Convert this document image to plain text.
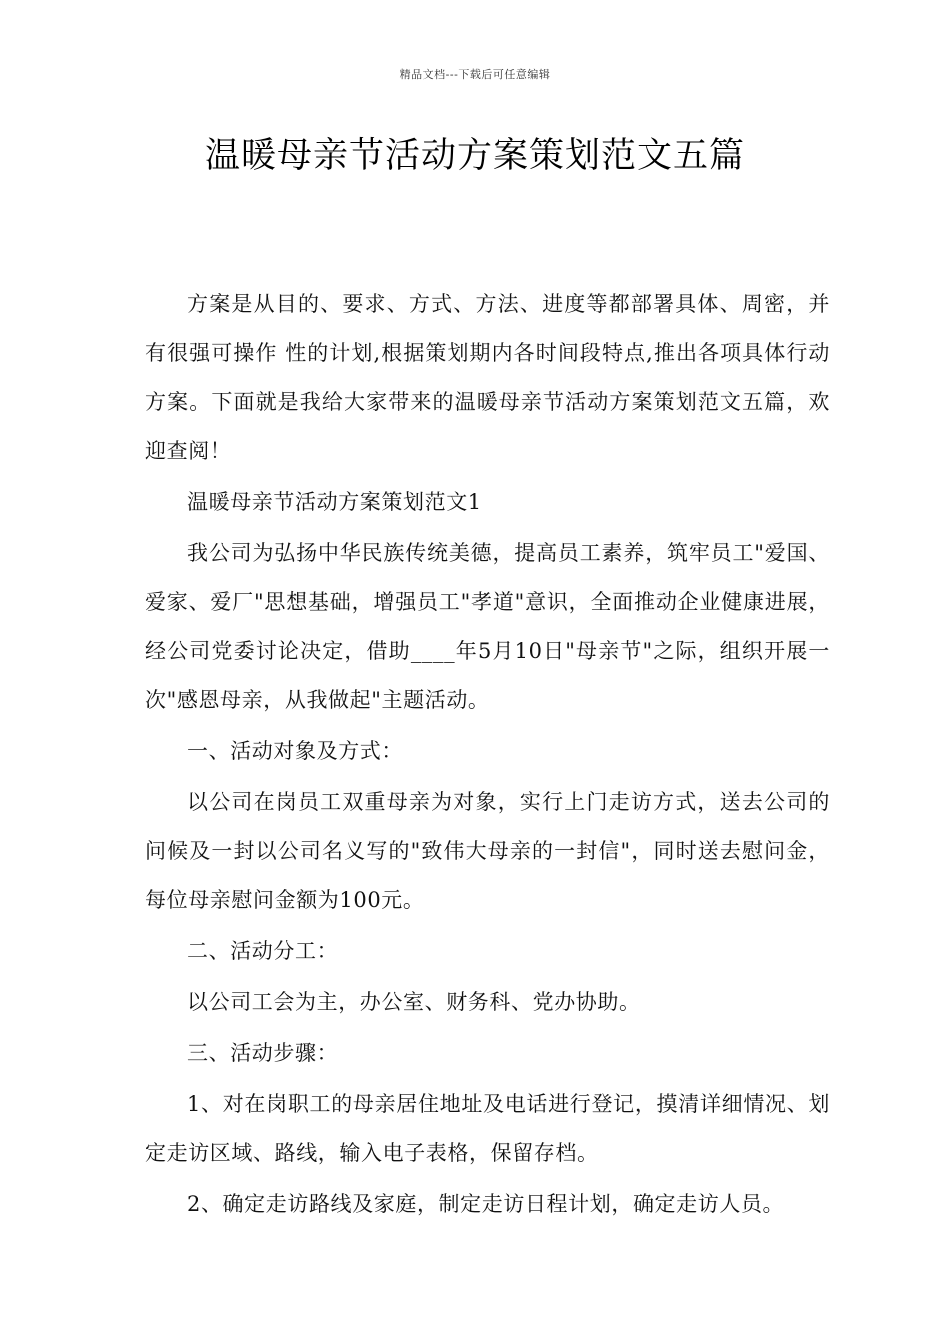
精品文档---下载后可任意编辑
温暖母亲节活动方案策划范文五篇

方案是从目的、要求、方式、方法、进度等都部署具体、周密，并有很强可操作 性的计划,根据策划期内各时间段特点,推出各项具体行动方案。下面就是我给大家带来的温暖母亲节活动方案策划范文五篇，欢迎查阅！

温暖母亲节活动方案策划范文1

我公司为弘扬中华民族传统美德，提高员工素养，筑牢员工"爱国、爱家、爱厂"思想基础，增强员工"孝道"意识，全面推动企业健康进展，经公司党委讨论决定，借助____年5月10日"母亲节"之际，组织开展一次"感恩母亲，从我做起"主题活动。

一、活动对象及方式：

以公司在岗员工双重母亲为对象，实行上门走访方式，送去公司的问候及一封以公司名义写的"致伟大母亲的一封信"，同时送去慰问金，每位母亲慰问金额为100元。

二、活动分工：

以公司工会为主，办公室、财务科、党办协助。

三、活动步骤：

1、对在岗职工的母亲居住地址及电话进行登记，摸清详细情况、划定走访区域、路线，输入电子表格，保留存档。

2、确定走访路线及家庭，制定走访日程计划，确定走访人员。
